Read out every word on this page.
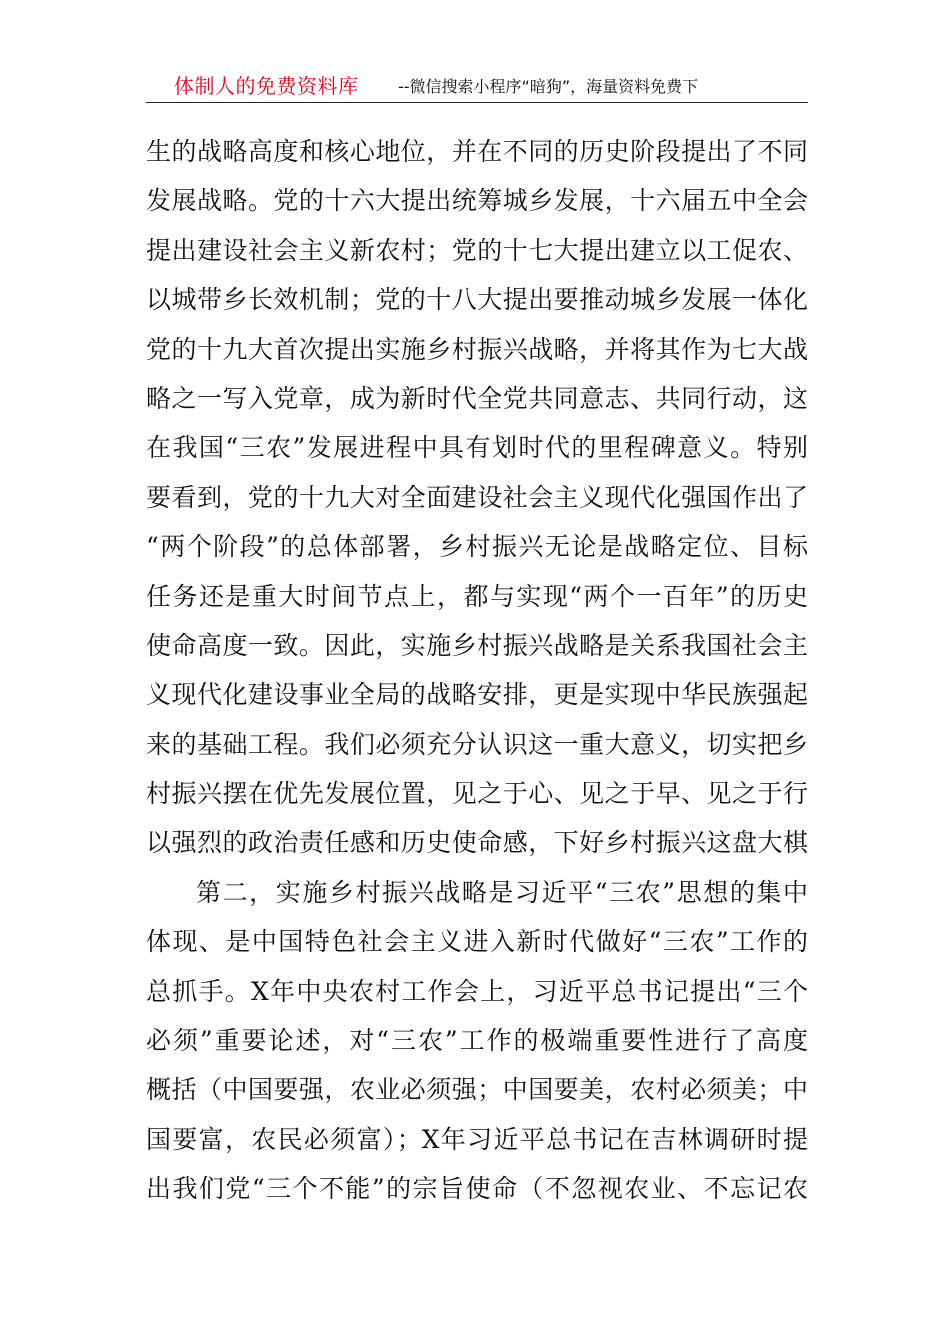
体制人的免费资料库 --微信搜索小程序“暗狗”，海量资料免费下
生的战略高度和核心地位，并在不同的历史阶段提出了不同
发展战略。党的十六大提出统筹城乡发展，十六届五中全会
提出建设社会主义新农村；党的十七大提出建立以工促农、
以城带乡长效机制；党的十八大提出要推动城乡发展一体化
党的十九大首次提出实施乡村振兴战略，并将其作为七大战
略之一写入党章，成为新时代全党共同意志、共同行动，这
在我国“三农”发展进程中具有划时代的里程碑意义。特别
要看到，党的十九大对全面建设社会主义现代化强国作出了
“两个阶段”的总体部署，乡村振兴无论是战略定位、目标
任务还是重大时间节点上，都与实现“两个一百年”的历史
使命高度一致。因此，实施乡村振兴战略是关系我国社会主
义现代化建设事业全局的战略安排，更是实现中华民族强起
来的基础工程。我们必须充分认识这一重大意义，切实把乡
村振兴摆在优先发展位置，见之于心、见之于早、见之于行
以强烈的政治责任感和历史使命感，下好乡村振兴这盘大棋
第二，实施乡村振兴战略是习近平“三农”思想的集中
体现、是中国特色社会主义进入新时代做好“三农”工作的
总抓手。X年中央农村工作会上，习近平总书记提出“三个
必须”重要论述，对“三农”工作的极端重要性进行了高度
概括（中国要强，农业必须强；中国要美，农村必须美；中
国要富，农民必须富）；X年习近平总书记在吉林调研时提
出我们党“三个不能”的宗旨使命（不忽视农业、不忘记农
